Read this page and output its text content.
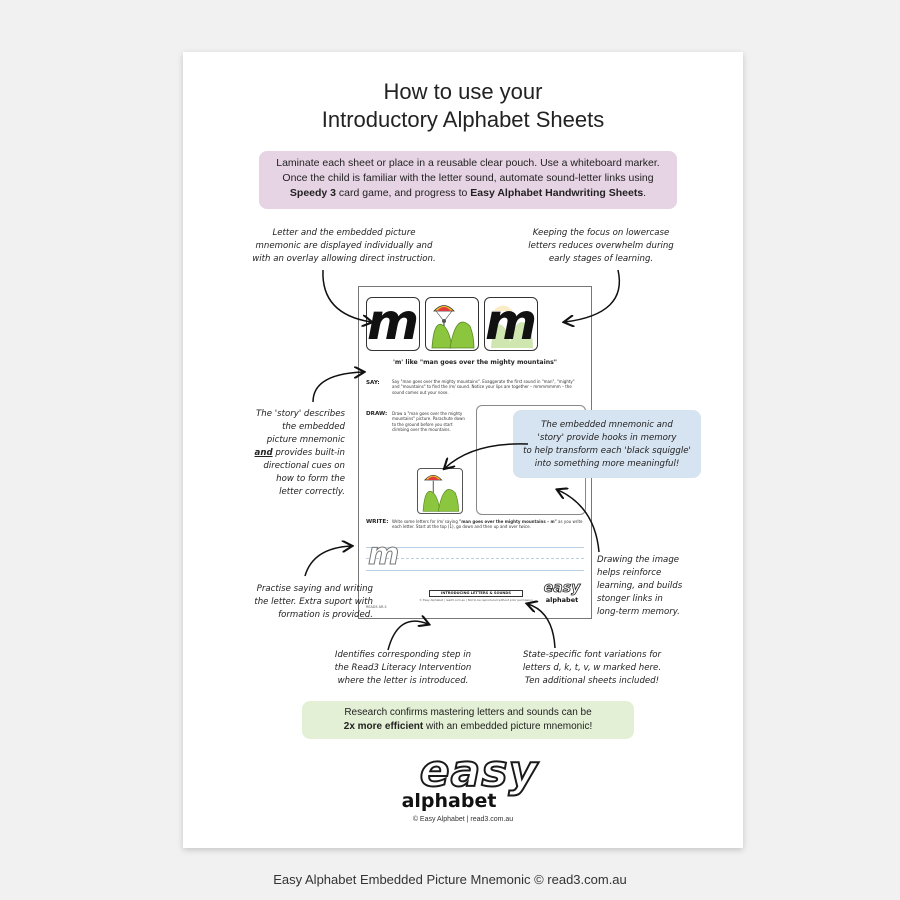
How to use your
Introductory Alphabet Sheets
Laminate each sheet or place in a reusable clear pouch. Use a whiteboard marker.
Once the child is familiar with the letter sound, automate sound-letter links using
Speedy 3 card game, and progress to Easy Alphabet Handwriting Sheets.
Letter and the embedded picture
mnemonic are displayed individually and
with an overlay allowing direct instruction.
Keeping the focus on lowercase
letters reduces overwhelm during
early stages of learning.
m m
'm' like "man goes over the mighty mountains"
SAY:	Say "man goes over the mighty mountains". Exaggerate the first sound in "man", "mighty" and "mountains" to find the /m/ sound. Notice your lips are together – mmmmmmm – the sound comes out your nose.
DRAW: Draw a "man goes over the mighty mountains" picture. Parachute down to the ground before you start climbing over the mountains.
WRITE: Write some letters for /m/ saying "man goes over the mighty mountains – m" as you write each letter. Start at the top (1), go down and then up and over twice.
m
INTRODUCING LETTERS & SOUNDS
© Easy Alphabet | read3.com.au | Not to be reproduced without prior permission
READ3 AR-3
easy
alphabet
The 'story' describes
the embedded
picture mnemonic
and provides built-in
directional cues on
how to form the
letter correctly.
The embedded mnemonic and
'story' provide hooks in memory
to help transform each 'black squiggle'
into something more meaningful!
Practise saying and writing
the letter. Extra suport with
formation is provided.
Drawing the image
helps reinforce
learning, and builds
stonger links in
long-term memory.
Identifies corresponding step in
the Read3 Literacy Intervention
where the letter is introduced.
State-specific font variations for
letters d, k, t, v, w marked here.
Ten additional sheets included!
Research confirms mastering letters and sounds can be
2x more efficient with an embedded picture mnemonic!
easy
alphabet
© Easy Alphabet | read3.com.au
Easy Alphabet Embedded Picture Mnemonic © read3.com.au
